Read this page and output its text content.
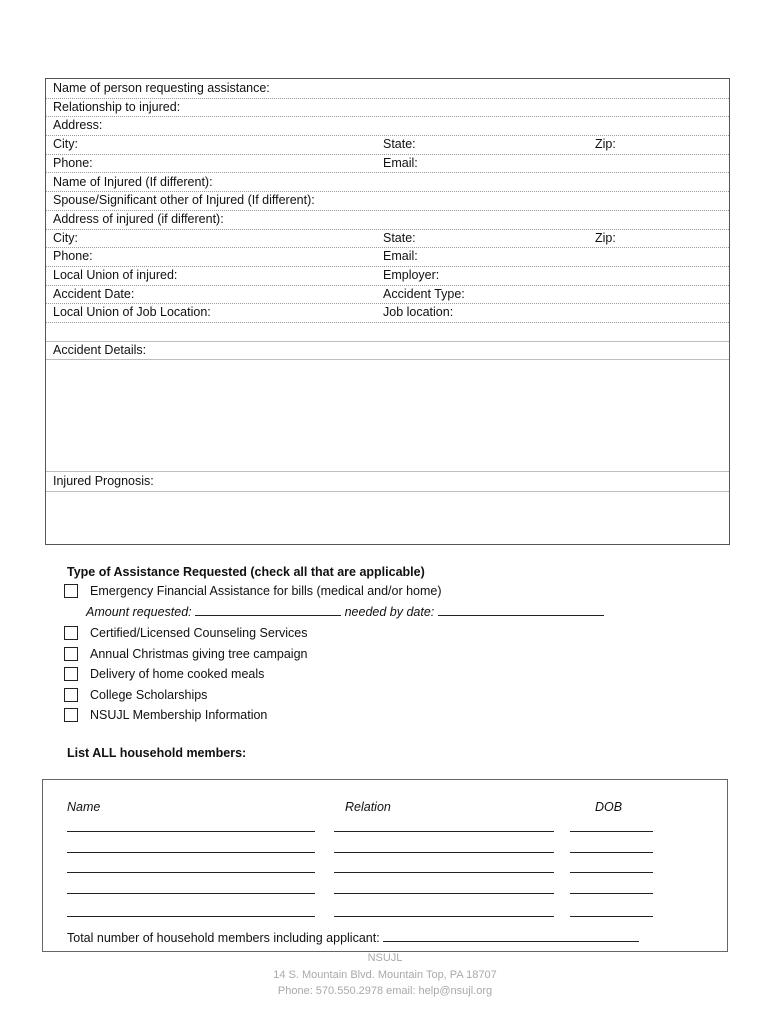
Name of person requesting assistance:
Relationship to injured:
Address:
City:	State:	Zip:
Phone:	Email:
Name of Injured (If different):
Spouse/Significant other of Injured (If different):
Address of injured (if different):
City:	State:	Zip:
Phone:	Email:
Local Union of injured:	Employer:
Accident Date:	Accident Type:
Local Union of Job Location:	Job location:
Accident Details:
Injured Prognosis:
Type of Assistance Requested (check all that are applicable)
Emergency Financial Assistance for bills (medical and/or home)
Certified/Licensed Counseling Services
Annual Christmas giving tree campaign
Delivery of home cooked meals
College Scholarships
NSUJL Membership Information
Amount requested:	needed by date:
List ALL household members:
Name	Relation	DOB
Total number of household members including applicant:
NSUJL
14 S. Mountain Blvd. Mountain Top, PA 18707
Phone: 570.550.2978 email: help@nsujl.org
